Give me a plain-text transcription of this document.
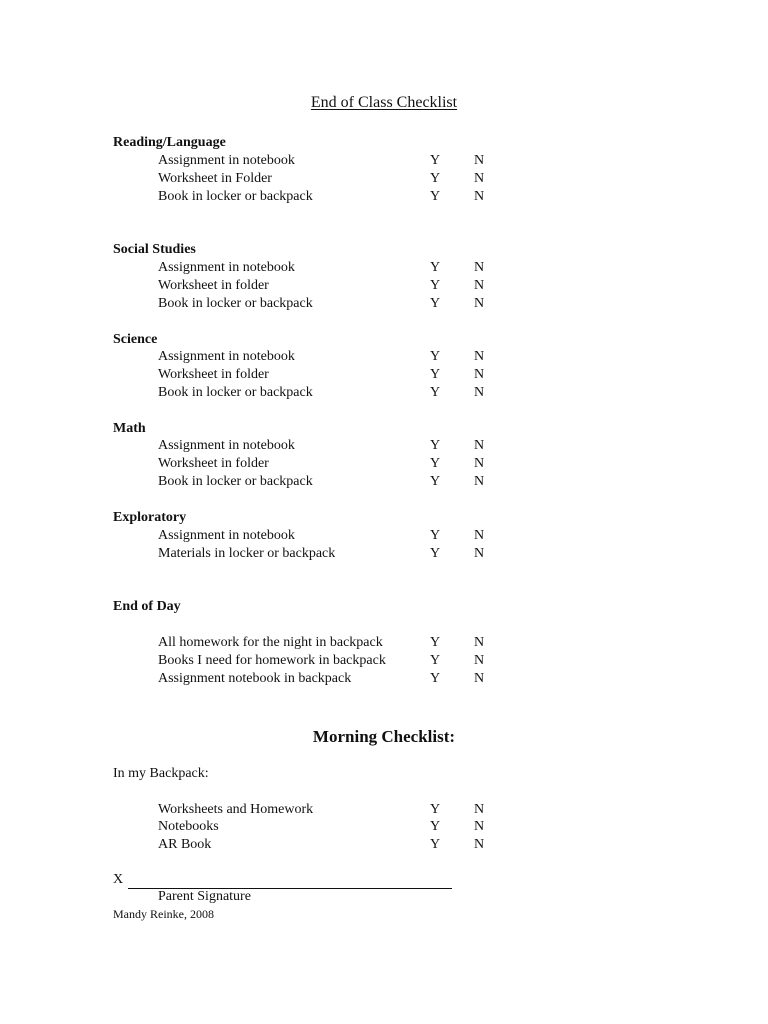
End of Class Checklist
Reading/Language
Assignment in notebook	Y N
Worksheet in Folder	Y N
Book in locker or backpack	Y N
Social Studies
Assignment in notebook	Y N
Worksheet in folder	Y N
Book in locker or backpack	Y N
Science
Assignment in notebook	Y N
Worksheet in folder	Y N
Book in locker or backpack	Y N
Math
Assignment in notebook	Y N
Worksheet in folder	Y N
Book in locker or backpack	Y N
Exploratory
Assignment in notebook	Y N
Materials in locker or backpack	Y N
End of Day
All homework for the night in backpack	Y N
Books I need for homework in backpack	Y N
Assignment notebook in backpack	Y N
Morning Checklist:
In my Backpack:
Worksheets and Homework	Y N
Notebooks	Y N
AR Book	Y N
X
Parent Signature
Mandy Reinke, 2008
